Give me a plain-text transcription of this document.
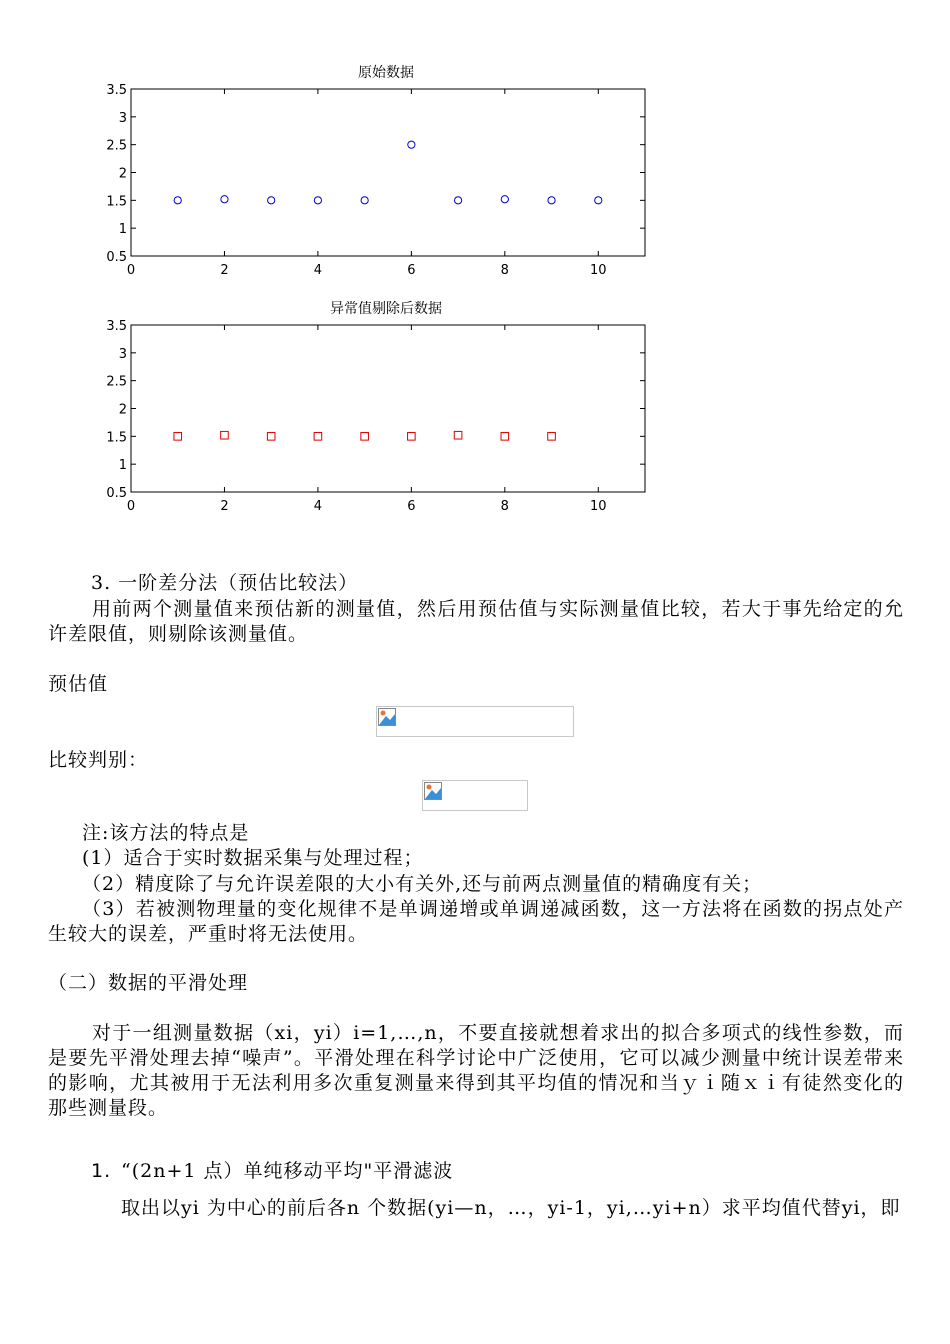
原始数据
0.5
1
1.5
2
2.5
3
3.5
0	2	4	6	8	10
异常值剔除后数据
0.5
1
1.5
2
2.5
3
3.5
0	2	4	6	8	10
3. 一阶差分法（预估比较法）
用前两个测量值来预估新的测量值，然后用预估值与实际测量值比较，若大于事先给定的允许差限值，则剔除该测量值。
预估值
比较判别：
注:该方法的特点是
(1）适合于实时数据采集与处理过程；
（2）精度除了与允许误差限的大小有关外,还与前两点测量值的精确度有关；
（3）若被测物理量的变化规律不是单调递增或单调递减函数，这一方法将在函数的拐点处产生较大的误差，严重时将无法使用。
（二）数据的平滑处理
对于一组测量数据（xi，yi）i=1,…,n，不要直接就想着求出的拟合多项式的线性参数，而是要先平滑处理去掉“噪声”。平滑处理在科学讨论中广泛使用，它可以减少测量中统计误差带来的影响，尤其被用于无法利用多次重复测量来得到其平均值的情况和当ｙｉ随ｘｉ有徒然变化的那些测量段。
1. “(2n+1 点）单纯移动平均"平滑滤波
取出以yi 为中心的前后各n 个数据(yi—n，…，yi-1，yi,…yi+n）求平均值代替yi，即
